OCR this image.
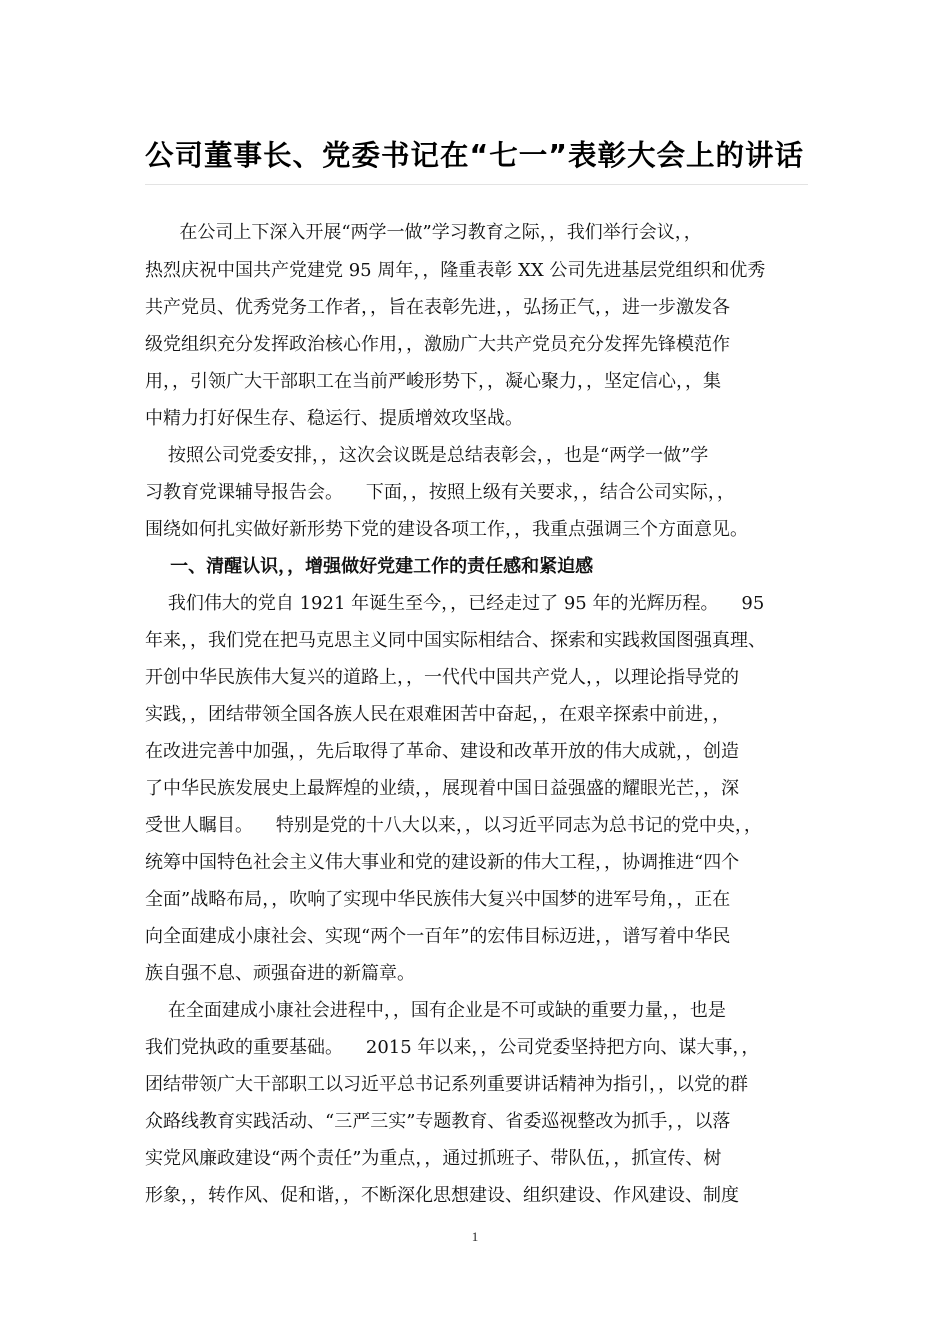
公司董事长、党委书记在“七一”表彰大会上的讲话
在公司上下深入开展“两学一做”学习教育之际，，我们举行会议，，
热烈庆祝中国共产党建党 95 周年，，隆重表彰 XX 公司先进基层党组织和优秀
共产党员、优秀党务工作者，，旨在表彰先进，，弘扬正气，，进一步激发各
级党组织充分发挥政治核心作用，，激励广大共产党员充分发挥先锋模范作
用，，引领广大干部职工在当前严峻形势下，，凝心聚力，，坚定信心，，集
中精力打好保生存、稳运行、提质增效攻坚战。
按照公司党委安排，，这次会议既是总结表彰会，，也是“两学一做”学
习教育党课辅导报告会。    下面，，按照上级有关要求，，结合公司实际，，
围绕如何扎实做好新形势下党的建设各项工作，，我重点强调三个方面意见。
一、清醒认识，，增强做好党建工作的责任感和紧迫感
我们伟大的党自 1921 年诞生至今，，已经走过了 95 年的光辉历程。    95
年来，，我们党在把马克思主义同中国实际相结合、探索和实践救国图强真理、
开创中华民族伟大复兴的道路上，，一代代中国共产党人，，以理论指导党的
实践，，团结带领全国各族人民在艰难困苦中奋起，，在艰辛探索中前进，，
在改进完善中加强，，先后取得了革命、建设和改革开放的伟大成就，，创造
了中华民族发展史上最辉煌的业绩，，展现着中国日益强盛的耀眼光芒，，深
受世人瞩目。    特别是党的十八大以来，，以习近平同志为总书记的党中央，，
统筹中国特色社会主义伟大事业和党的建设新的伟大工程，，协调推进“四个
全面”战略布局，，吹响了实现中华民族伟大复兴中国梦的进军号角，，正在
向全面建成小康社会、实现“两个一百年”的宏伟目标迈进，，谱写着中华民
族自强不息、顽强奋进的新篇章。
在全面建成小康社会进程中，，国有企业是不可或缺的重要力量，，也是
我们党执政的重要基础。    2015 年以来，，公司党委坚持把方向、谋大事，，
团结带领广大干部职工以习近平总书记系列重要讲话精神为指引，，以党的群
众路线教育实践活动、“三严三实”专题教育、省委巡视整改为抓手，，以落
实党风廉政建设“两个责任”为重点，，通过抓班子、带队伍，，抓宣传、树
形象，，转作风、促和谐，，不断深化思想建设、组织建设、作风建设、制度
1
